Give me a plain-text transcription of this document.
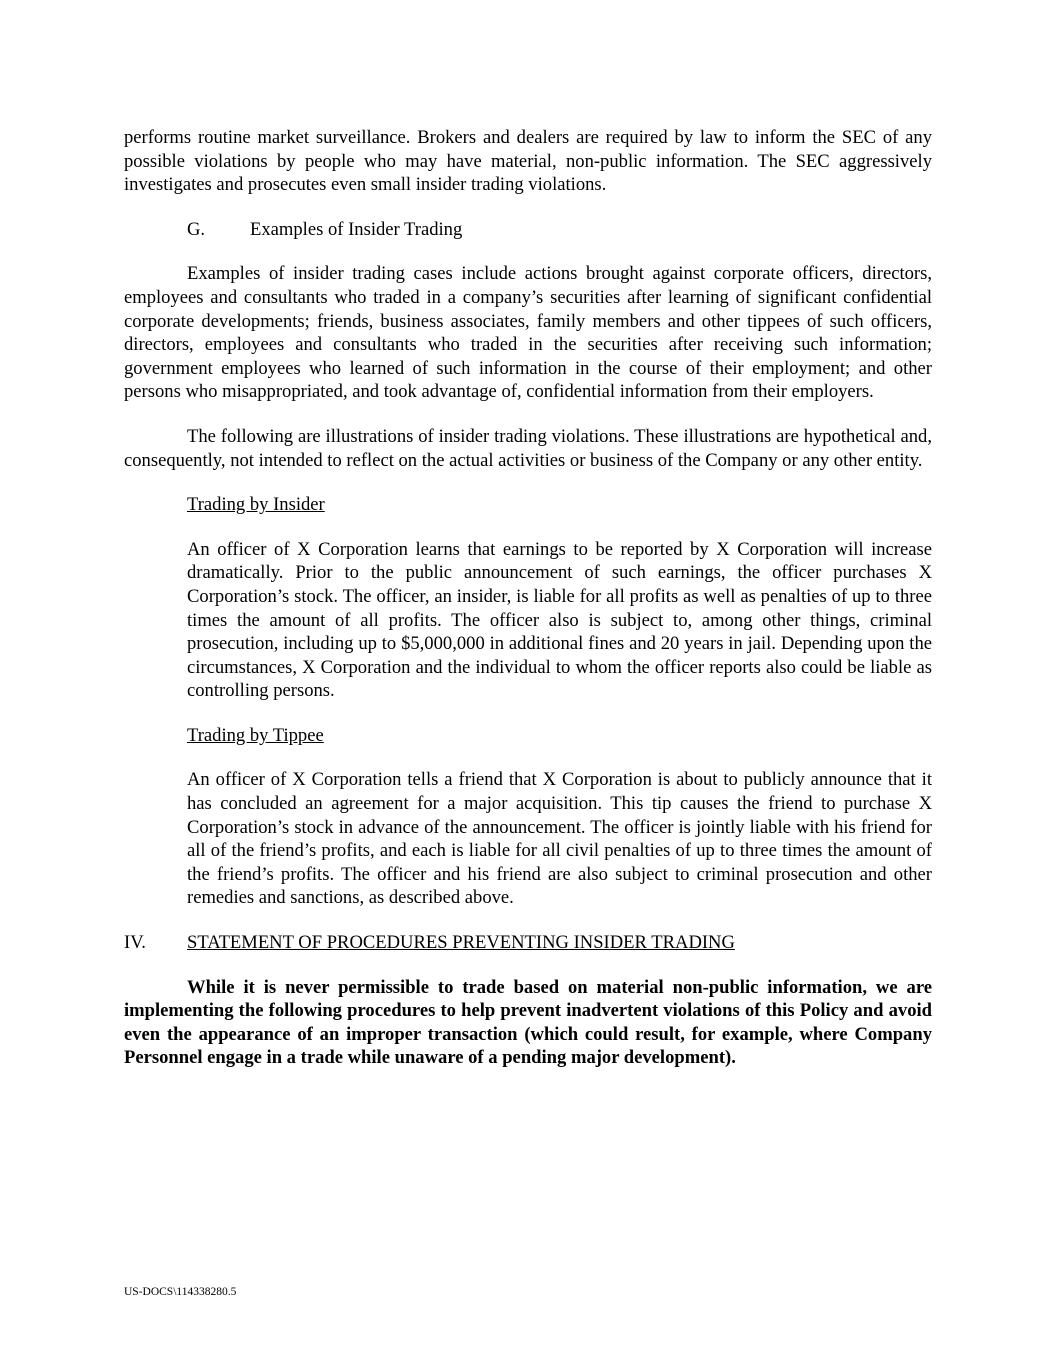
performs routine market surveillance. Brokers and dealers are required by law to inform the SEC of any possible violations by people who may have material, non-public information. The SEC aggressively investigates and prosecutes even small insider trading violations.

G.	Examples of Insider Trading

Examples of insider trading cases include actions brought against corporate officers, directors, employees and consultants who traded in a company’s securities after learning of significant confidential corporate developments; friends, business associates, family members and other tippees of such officers, directors, employees and consultants who traded in the securities after receiving such information; government employees who learned of such information in the course of their employment; and other persons who misappropriated, and took advantage of, confidential information from their employers.

The following are illustrations of insider trading violations. These illustrations are hypothetical and, consequently, not intended to reflect on the actual activities or business of the Company or any other entity.

Trading by Insider

An officer of X Corporation learns that earnings to be reported by X Corporation will increase dramatically. Prior to the public announcement of such earnings, the officer purchases X Corporation’s stock. The officer, an insider, is liable for all profits as well as penalties of up to three times the amount of all profits. The officer also is subject to, among other things, criminal prosecution, including up to $5,000,000 in additional fines and 20 years in jail. Depending upon the circumstances, X Corporation and the individual to whom the officer reports also could be liable as controlling persons.

Trading by Tippee

An officer of X Corporation tells a friend that X Corporation is about to publicly announce that it has concluded an agreement for a major acquisition. This tip causes the friend to purchase X Corporation’s stock in advance of the announcement. The officer is jointly liable with his friend for all of the friend’s profits, and each is liable for all civil penalties of up to three times the amount of the friend’s profits. The officer and his friend are also subject to criminal prosecution and other remedies and sanctions, as described above.

IV.	STATEMENT OF PROCEDURES PREVENTING INSIDER TRADING

While it is never permissible to trade based on material non-public information, we are implementing the following procedures to help prevent inadvertent violations of this Policy and avoid even the appearance of an improper transaction (which could result, for example, where Company Personnel engage in a trade while unaware of a pending major development).

US-DOCS\114338280.5
